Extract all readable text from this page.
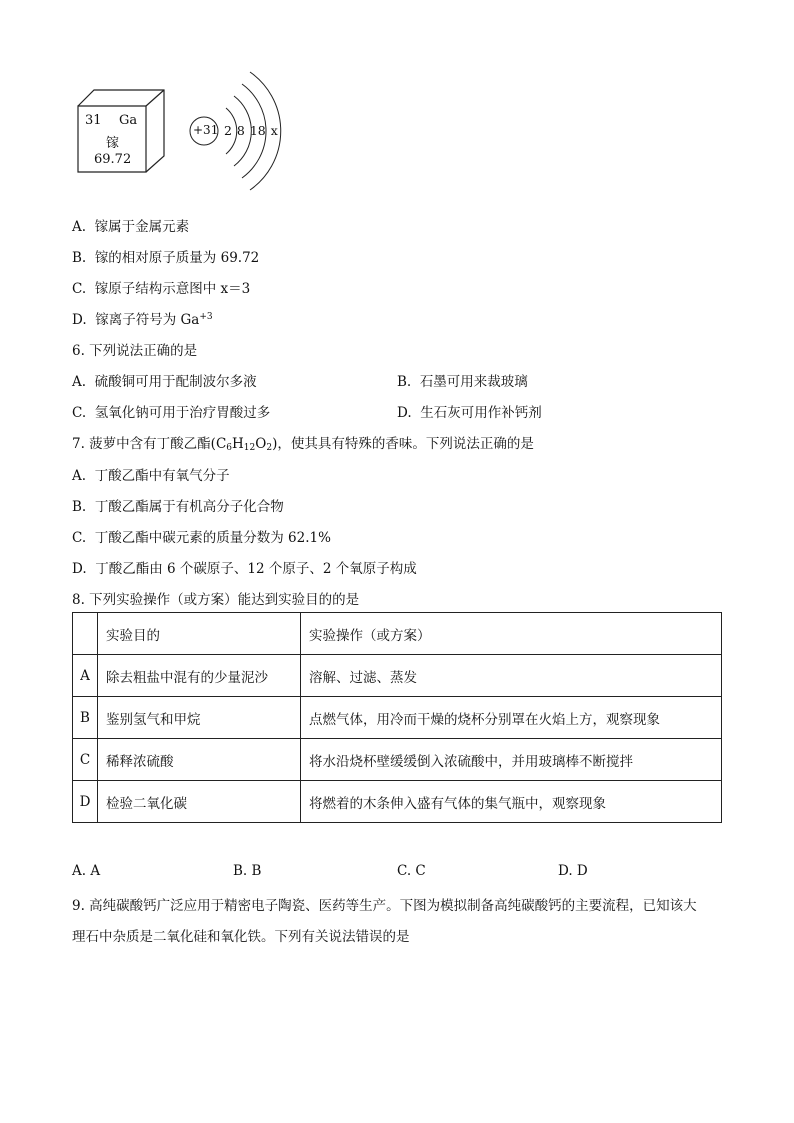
31 Ga
镓
69.72
+31 2 8 18 x
A. 镓属于金属元素
B. 镓的相对原子质量为 69.72
C. 镓原子结构示意图中 x＝3
D. 镓离子符号为 $Ga^{+3}$
6. 下列说法正确的是
A. 硫酸铜可用于配制波尔多液	B. 石墨可用来裁玻璃
C. 氢氧化钠可用于治疗胃酸过多	D. 生石灰可用作补钙剂
7. 菠萝中含有丁酸乙酯$(C_6H_{12}O_2)$，使其具有特殊的香味。下列说法正确的是
A. 丁酸乙酯中有氧气分子
B. 丁酸乙酯属于有机高分子化合物
C. 丁酸乙酯中碳元素的质量分数为 62.1%
D. 丁酸乙酯由 6 个碳原子、12 个原子、2 个氧原子构成
8. 下列实验操作（或方案）能达到实验目的的是
	实验目的	实验操作（或方案）
A	除去粗盐中混有的少量泥沙	溶解、过滤、蒸发
B	鉴别氢气和甲烷	点燃气体，用冷而干燥的烧杯分别罩在火焰上方，观察现象
C	稀释浓硫酸	将水沿烧杯壁缓缓倒入浓硫酸中，并用玻璃棒不断搅拌
D	检验二氧化碳	将燃着的木条伸入盛有气体的集气瓶中，观察现象
A. A	B. B	C. C	D. D
9. 高纯碳酸钙广泛应用于精密电子陶瓷、医药等生产。下图为模拟制备高纯碳酸钙的主要流程，已知该大
理石中杂质是二氧化硅和氧化铁。下列有关说法错误的是
